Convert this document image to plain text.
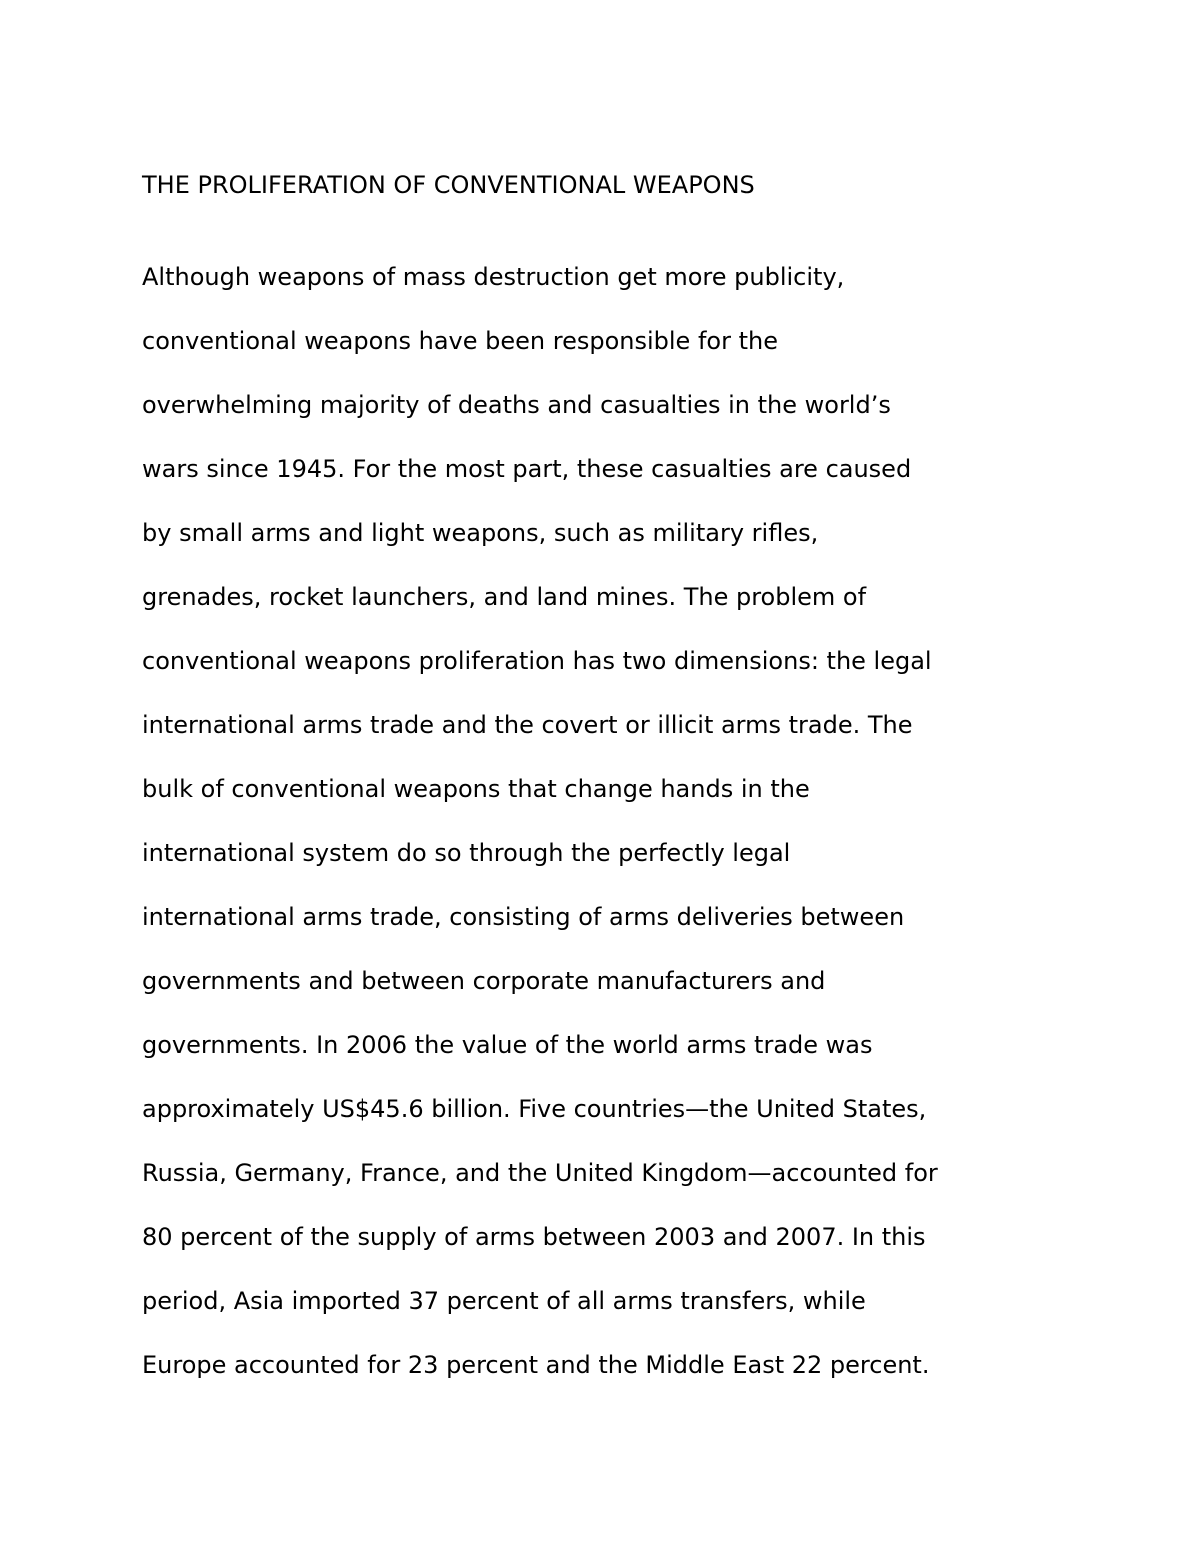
THE PROLIFERATION OF CONVENTIONAL WEAPONS
Although weapons of mass destruction get more publicity,
conventional weapons have been responsible for the
overwhelming majority of deaths and casualties in the world’s
wars since 1945. For the most part, these casualties are caused
by small arms and light weapons, such as military rifles,
grenades, rocket launchers, and land mines. The problem of
conventional weapons proliferation has two dimensions: the legal
international arms trade and the covert or illicit arms trade. The
bulk of conventional weapons that change hands in the
international system do so through the perfectly legal
international arms trade, consisting of arms deliveries between
governments and between corporate manufacturers and
governments. In 2006 the value of the world arms trade was
approximately US$45.6 billion. Five countries—the United States,
Russia, Germany, France, and the United Kingdom—accounted for
80 percent of the supply of arms between 2003 and 2007. In this
period, Asia imported 37 percent of all arms transfers, while
Europe accounted for 23 percent and the Middle East 22 percent.
